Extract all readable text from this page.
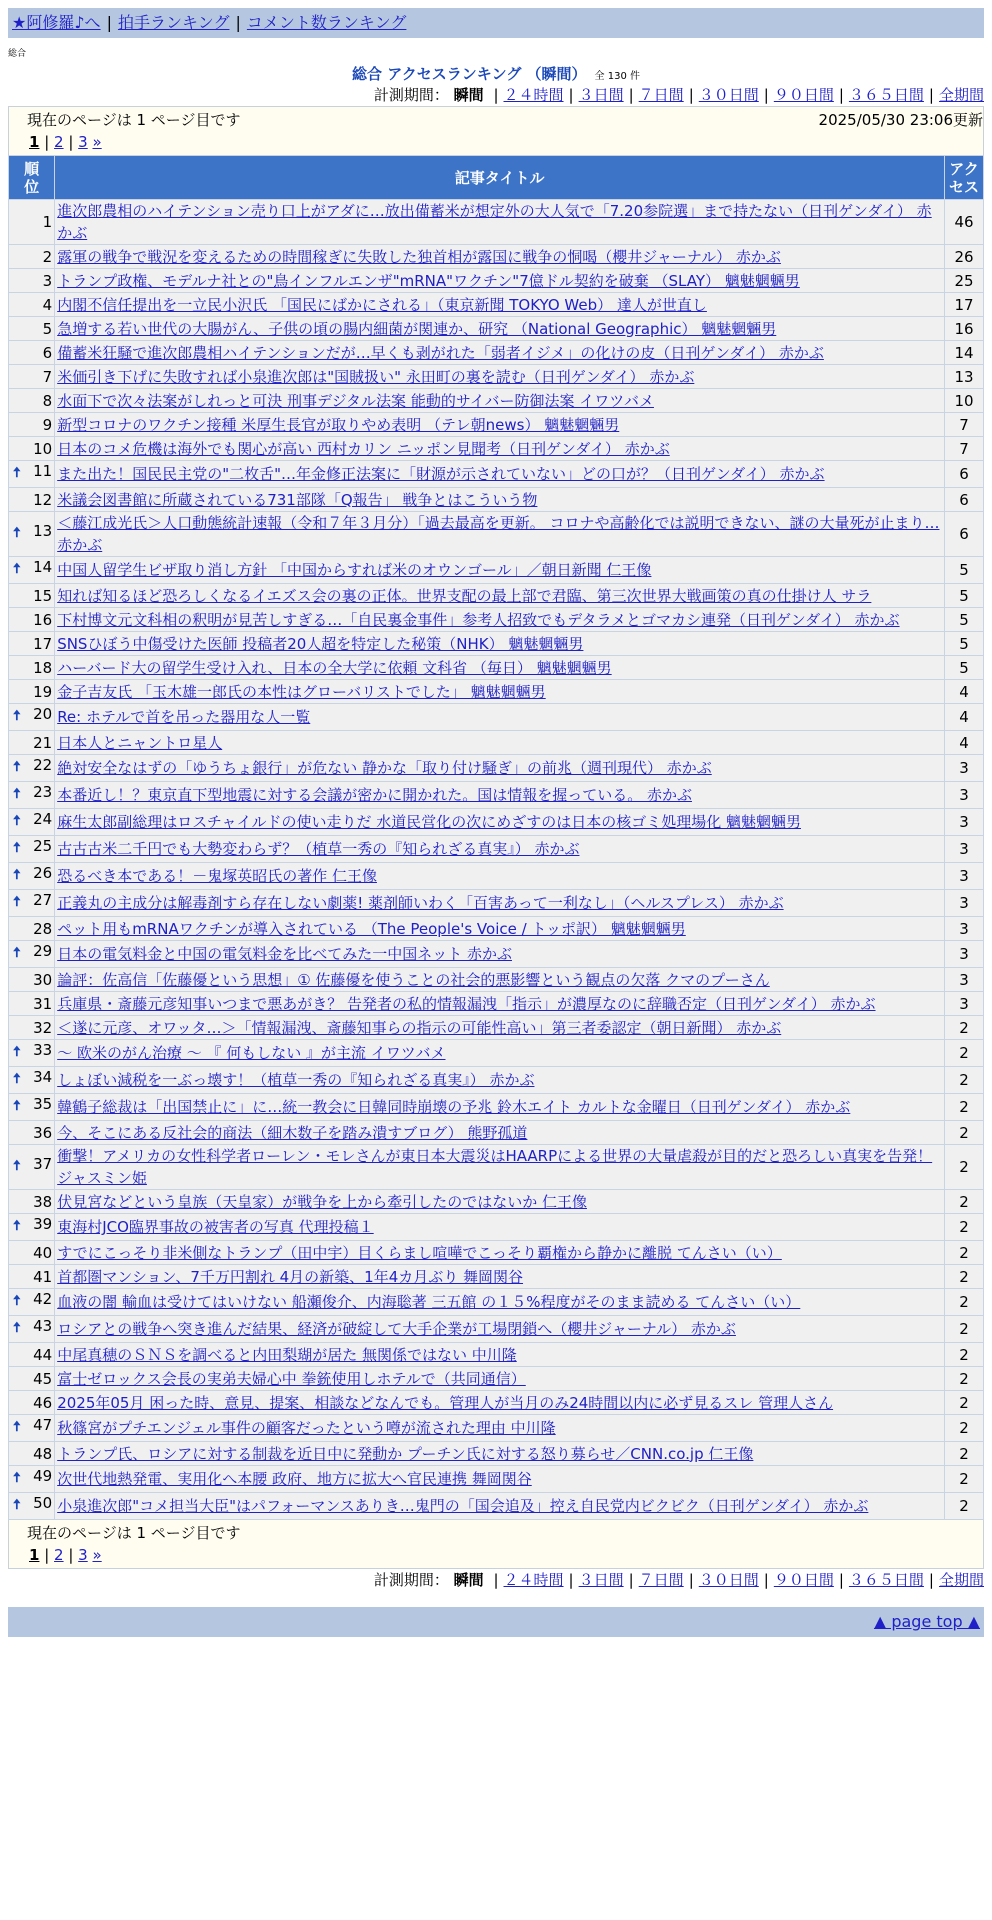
★阿修羅♪へ | 拍手ランキング | コメント数ランキング
総合
総合 アクセスランキング （瞬間） 全 130 件
計測期間： 瞬間 | ２４時間 | ３日間 | ７日間 | ３０日間 | ９０日間 | ３６５日間 | 全期間
現在のページは 1 ページ目です	2025/05/30 23:06更新
1 | 2 | 3 »
順位	記事タイトル	アクセス
1	進次郎農相のハイテンション売り口上がアダに…放出備蓄米が想定外の大人気で「7.20参院選」まで持たない（日刊ゲンダイ） 赤かぶ	46
2	露軍の戦争で戦況を変えるための時間稼ぎに失敗した独首相が露国に戦争の恫喝（櫻井ジャーナル） 赤かぶ	26
3	トランプ政権、モデルナ社との"鳥インフルエンザ"mRNA"ワクチン"7億ドル契約を破棄 （SLAY） 魑魅魍魎男	25
4	内閣不信任提出を一立民小沢氏 「国民にばかにされる」（東京新聞 TOKYO Web） 達人が世直し	17
5	急増する若い世代の大腸がん、子供の頃の腸内細菌が関連か、研究 （National Geographic） 魑魅魍魎男	16
6	備蓄米狂騒で進次郎農相ハイテンションだが…早くも剥がれた「弱者イジメ」の化けの皮（日刊ゲンダイ） 赤かぶ	14
7	米価引き下げに失敗すれば小泉進次郎は"国賊扱い" 永田町の裏を読む（日刊ゲンダイ） 赤かぶ	13
8	水面下で次々法案がしれっと可決 刑事デジタル法案 能動的サイバー防御法案 イワツバメ	10
9	新型コロナのワクチン接種 米厚生長官が取りやめ表明 （テレ朝news） 魑魅魍魎男	7
10	日本のコメ危機は海外でも関心が高い 西村カリン ニッポン見聞考（日刊ゲンダイ） 赤かぶ	7

🠅 11	また出た！国民民主党の"二枚舌"…年金修正法案に「財源が示されていない」どの口が？（日刊ゲンダイ） 赤かぶ	6
12	米議会図書館に所蔵されている731部隊「Q報告」 戦争とはこういう物	6

🠅 13	＜藤江成光氏＞人口動態統計速報（令和７年３月分）「過去最高を更新。 コロナや高齢化では説明できない、謎の大量死が止まり… 赤かぶ	6

🠅 14	中国人留学生ビザ取り消し方針 「中国からすれば米のオウンゴール」／朝日新聞 仁王像	5
15	知れば知るほど恐ろしくなるイエズス会の裏の正体。世界支配の最上部で君臨、第三次世界大戦画策の真の仕掛け人 サラ	5
16	下村博文元文科相の釈明が見苦しすぎる…「自民裏金事件」参考人招致でもデタラメとゴマカシ連発（日刊ゲンダイ） 赤かぶ	5
17	SNSひぼう中傷受けた医師 投稿者20人超を特定した秘策（NHK） 魑魅魍魎男	5
18	ハーバード大の留学生受け入れ、日本の全大学に依頼 文科省 （毎日） 魑魅魍魎男	5
19	金子吉友氏 「玉木雄一郎氏の本性はグローバリストでした」 魑魅魍魎男	4

🠅 20	Re: ホテルで首を吊った器用な人一覧	4
21	日本人とニャントロ星人	4

🠅 22	絶対安全なはずの「ゆうちょ銀行」が危ない 静かな「取り付け騒ぎ」の前兆（週刊現代） 赤かぶ	3

🠅 23	本番近し！？東京直下型地震に対する会議が密かに開かれた。国は情報を握っている。 赤かぶ	3

🠅 24	麻生太郎副総理はロスチャイルドの使い走りだ 水道民営化の次にめざすのは日本の核ゴミ処理場化 魑魅魍魎男	3

🠅 25	古古古米二千円でも大勢変わらず？（植草一秀の『知られざる真実』） 赤かぶ	3

🠅 26	恐るべき本である！－鬼塚英昭氏の著作 仁王像	3

🠅 27	正義丸の主成分は解毒剤すら存在しない劇薬! 薬剤師いわく「百害あって一利なし」（ヘルスプレス） 赤かぶ	3
28	ペット用もmRNAワクチンが導入されている （The People's Voice / トッポ訳） 魑魅魍魎男	3

🠅 29	日本の電気料金と中国の電気料金を比べてみた一中国ネット 赤かぶ	3
30	論評：佐高信「佐藤優という思想」① 佐藤優を使うことの社会的悪影響という観点の欠落 クマのプーさん	3
31	兵庫県・斎藤元彦知事いつまで悪あがき？ 告発者の私的情報漏洩「指示」が濃厚なのに辞職否定（日刊ゲンダイ） 赤かぶ	3
32	＜遂に元彦、オワッタ…＞「情報漏洩、斎藤知事らの指示の可能性高い」第三者委認定（朝日新聞） 赤かぶ	2

🠅 33	～ 欧米のがん治療 ～ 『 何もしない 』が主流 イワツバメ	2

🠅 34	しょぼい減税を一ぶっ壊す！（植草一秀の『知られざる真実』） 赤かぶ	2

🠅 35	韓鶴子総裁は「出国禁止に」に…統一教会に日韓同時崩壊の予兆 鈴木エイト カルトな金曜日（日刊ゲンダイ） 赤かぶ	2
36	今、そこにある反社会的商法（細木数子を踏み潰すブログ） 熊野孤道	2

🠅 37	衝撃！アメリカの女性科学者ローレン・モレさんが東日本大震災はHAARPによる世界の大量虐殺が目的だと恐ろしい真実を告発！ ジャスミン姫	2
38	伏見宮などという皇族（天皇家）が戦争を上から牽引したのではないか 仁王像	2

🠅 39	東海村JCO臨界事故の被害者の写真 代理投稿１	2
40	すでにこっそり非米側なトランプ（田中宇）目くらまし喧嘩でこっそり覇権から静かに離脱 てんさい（い）	2
41	首都圏マンション、7千万円割れ 4月の新築、1年4カ月ぶり 舞岡関谷	2

🠅 42	血液の闇 輸血は受けてはいけない 船瀬俊介、内海聡著 三五館 の１５%程度がそのまま読める てんさい（い）	2

🠅 43	ロシアとの戦争へ突き進んだ結果、経済が破綻して大手企業が工場閉鎖へ（櫻井ジャーナル） 赤かぶ	2
44	中尾真穂のＳＮＳを調べると内田梨瑚が居た 無関係ではない 中川隆	2
45	富士ゼロックス会長の実弟夫婦心中 拳銃使用しホテルで（共同通信）	2
46	2025年05月 困った時、意見、提案、相談などなんでも。管理人が当月のみ24時間以内に必ず見るスレ 管理人さん	2

🠅 47	秋篠宮がプチエンジェル事件の顧客だったという噂が流された理由 中川隆	2
48	トランプ氏、ロシアに対する制裁を近日中に発動か プーチン氏に対する怒り募らせ／CNN.co.jp 仁王像	2

🠅 49	次世代地熱発電、実用化へ本腰 政府、地方に拡大へ官民連携 舞岡関谷	2

🠅 50	小泉進次郎"コメ担当大臣"はパフォーマンスありき…鬼門の「国会追及」控え自民党内ビクビク（日刊ゲンダイ） 赤かぶ	2
現在のページは 1 ページ目です
1 | 2 | 3 »
計測期間： 瞬間 | ２４時間 | ３日間 | ７日間 | ３０日間 | ９０日間 | ３６５日間 | 全期間
▲ page top ▲
